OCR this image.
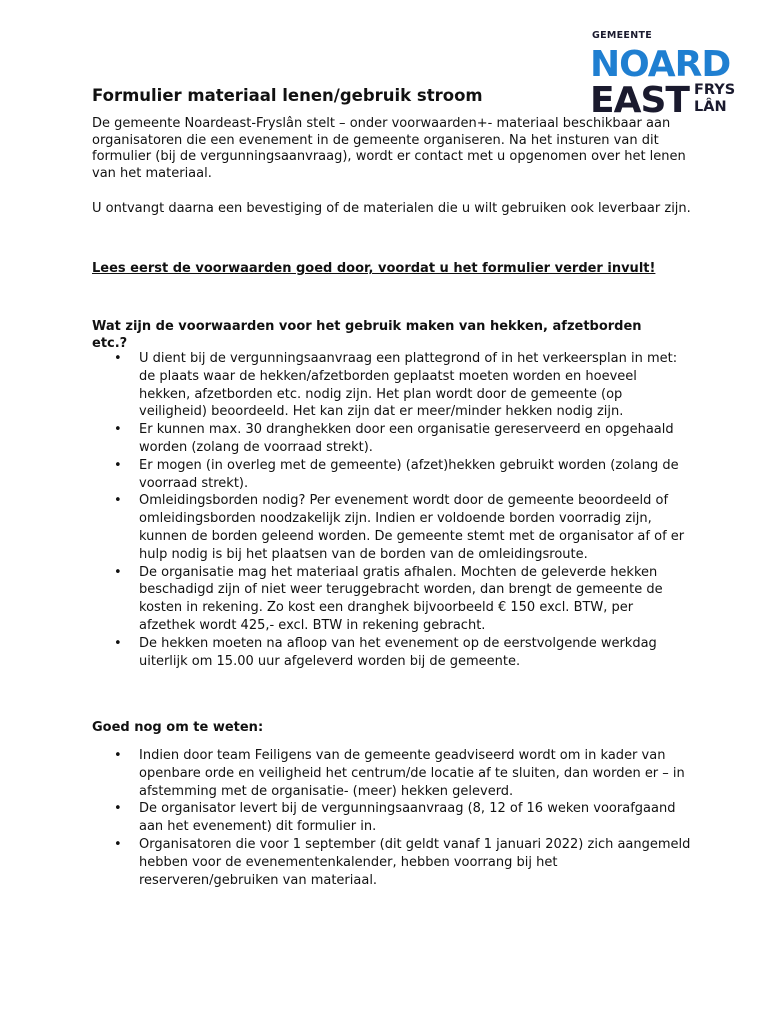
GEMEENTE
NOARD
EAST FRYS
LÂN
Formulier materiaal lenen/gebruik stroom

De gemeente Noardeast-Fryslân stelt – onder voorwaarden+- materiaal beschikbaar aan organisatoren die een evenement in de gemeente organiseren. Na het insturen van dit formulier (bij de vergunningsaanvraag), wordt er contact met u opgenomen over het lenen van het materiaal.

U ontvangt daarna een bevestiging of de materialen die u wilt gebruiken ook leverbaar zijn.

Lees eerst de voorwaarden goed door, voordat u het formulier verder invult!

Wat zijn de voorwaarden voor het gebruik maken van hekken, afzetborden etc.?

• U dient bij de vergunningsaanvraag een plattegrond of in het verkeersplan in met: de plaats waar de hekken/afzetborden geplaatst moeten worden en hoeveel hekken, afzetborden etc. nodig zijn. Het plan wordt door de gemeente (op veiligheid) beoordeeld. Het kan zijn dat er meer/minder hekken nodig zijn.
• Er kunnen max. 30 dranghekken door een organisatie gereserveerd en opgehaald worden (zolang de voorraad strekt).
• Er mogen (in overleg met de gemeente) (afzet)hekken gebruikt worden (zolang de voorraad strekt).
• Omleidingsborden nodig? Per evenement wordt door de gemeente beoordeeld of omleidingsborden noodzakelijk zijn. Indien er voldoende borden voorradig zijn, kunnen de borden geleend worden. De gemeente stemt met de organisator af of er hulp nodig is bij het plaatsen van de borden van de omleidingsroute.
• De organisatie mag het materiaal gratis afhalen. Mochten de geleverde hekken beschadigd zijn of niet weer teruggebracht worden, dan brengt de gemeente de kosten in rekening. Zo kost een dranghek bijvoorbeeld € 150 excl. BTW, per afzethek wordt 425,- excl. BTW in rekening gebracht.
• De hekken moeten na afloop van het evenement op de eerstvolgende werkdag uiterlijk om 15.00 uur afgeleverd worden bij de gemeente.

Goed nog om te weten:

• Indien door team Feiligens van de gemeente geadviseerd wordt om in kader van openbare orde en veiligheid het centrum/de locatie af te sluiten, dan worden er – in afstemming met de organisatie- (meer) hekken geleverd.
• De organisator levert bij de vergunningsaanvraag (8, 12 of 16 weken voorafgaand aan het evenement) dit formulier in.
• Organisatoren die voor 1 september (dit geldt vanaf 1 januari 2022) zich aangemeld hebben voor de evenementenkalender, hebben voorrang bij het reserveren/gebruiken van materiaal.
